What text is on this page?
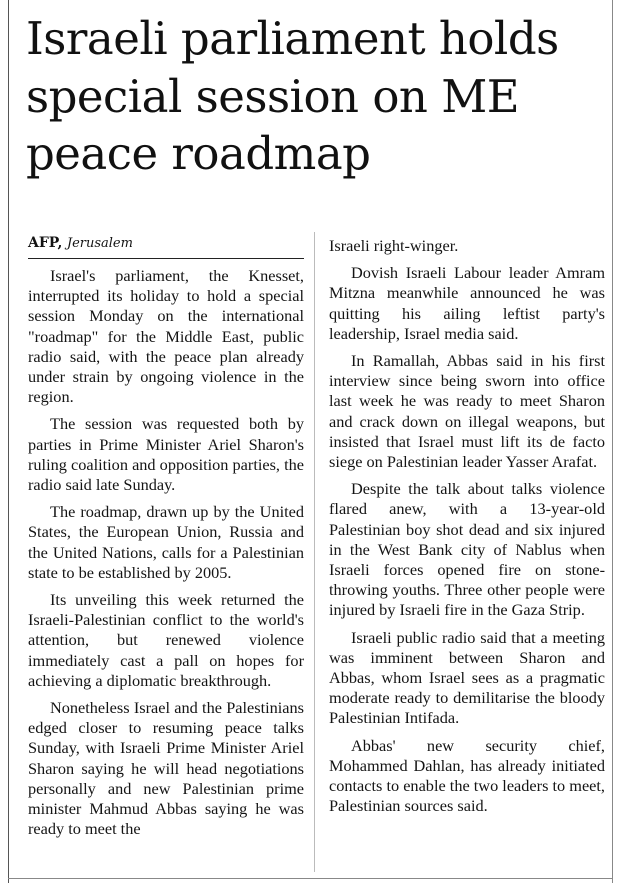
Israeli parliament holds special session on ME peace roadmap
AFP, Jerusalem

Israel's parliament, the Knesset, interrupted its holiday to hold a special session Monday on the international "roadmap" for the Middle East, public radio said, with the peace plan already under strain by ongoing violence in the region.

The session was requested both by parties in Prime Minister Ariel Sharon's ruling coalition and opposition parties, the radio said late Sunday.

The roadmap, drawn up by the United States, the European Union, Russia and the United Nations, calls for a Palestinian state to be established by 2005.

Its unveiling this week returned the Israeli-Palestinian conflict to the world's attention, but renewed violence immediately cast a pall on hopes for achieving a diplomatic breakthrough.

Nonetheless Israel and the Palestinians edged closer to resuming peace talks Sunday, with Israeli Prime Minister Ariel Sharon saying he will head negotiations personally and new Palestinian prime minister Mahmud Abbas saying he was ready to meet the

Israeli right-winger.

Dovish Israeli Labour leader Amram Mitzna meanwhile announced he was quitting his ailing leftist party's leadership, Israel media said.

In Ramallah, Abbas said in his first interview since being sworn into office last week he was ready to meet Sharon and crack down on illegal weapons, but insisted that Israel must lift its de facto siege on Palestinian leader Yasser Arafat.

Despite the talk about talks violence flared anew, with a 13-year-old Palestinian boy shot dead and six injured in the West Bank city of Nablus when Israeli forces opened fire on stone-throwing youths. Three other people were injured by Israeli fire in the Gaza Strip.

Israeli public radio said that a meeting was imminent between Sharon and Abbas, whom Israel sees as a pragmatic moderate ready to demilitarise the bloody Palestinian Intifada.

Abbas' new security chief, Mohammed Dahlan, has already initiated contacts to enable the two leaders to meet, Palestinian sources said.
